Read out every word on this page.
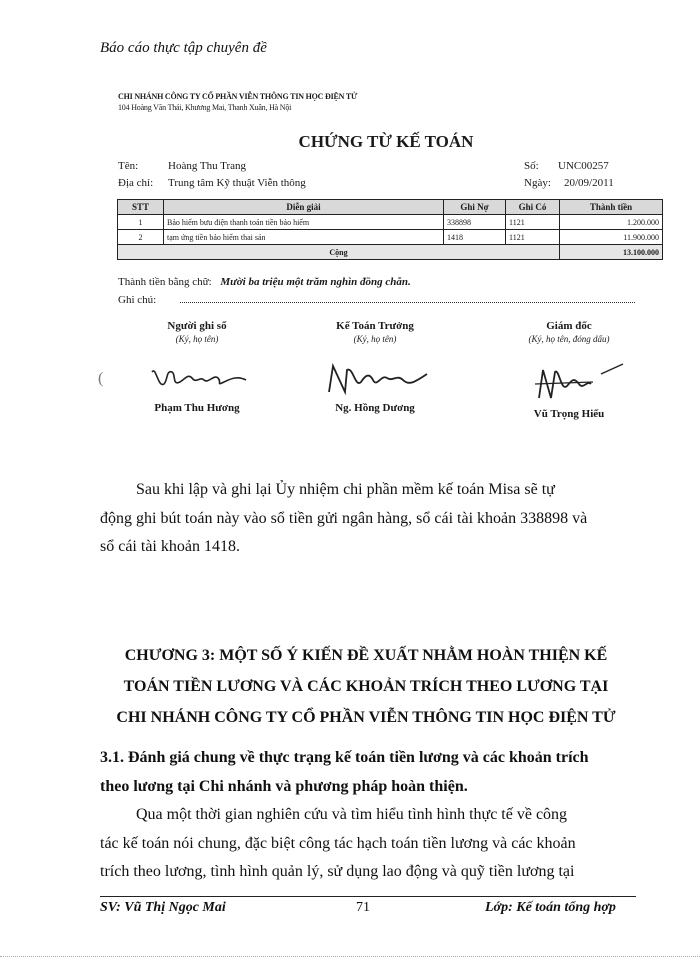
Báo cáo thực tập chuyên đề
CHI NHÁNH CÔNG TY CỔ PHẦN VIỄN THÔNG TIN HỌC ĐIỆN TỬ
104 Hoàng Văn Thái, Khương Mai, Thanh Xuân, Hà Nội
CHỨNG TỪ KẾ TOÁN
Tên:	Hoàng Thu Trang
Địa chỉ: Trung tâm Kỹ thuật Viễn thông
Số: UNC00257
Ngày: 20/09/2011
STT	Diễn giải	Ghi Nợ	Ghi Có	Thành tiền
1	Bảo hiểm bưu điện thanh toán tiền bảo hiểm	338898	1121	1.200.000
2	tạm ứng tiền bảo hiểm thai sản	1418	1121	11.900.000
Cộng				13.100.000
Thành tiền bằng chữ: Mười ba triệu một trăm nghìn đồng chẵn.
Ghi chú:
(
Người ghi sổ
(Ký, họ tên)
Phạm Thu Hương
Kế Toán Trưởng
(Ký, họ tên)
Ng. Hồng Dương
Giám đốc
(Ký, họ tên, đóng dấu)
Vũ Trọng Hiếu
Sau khi lập và ghi lại Ủy nhiệm chi phần mềm kế toán Misa sẽ tự
động ghi bút toán này vào sổ tiền gửi ngân hàng, sổ cái tài khoản 338898 và
sổ cái tài khoản 1418.
CHƯƠNG 3: MỘT SỐ Ý KIẾN ĐỀ XUẤT NHẰM HOÀN THIỆN KẾ
TOÁN TIỀN LƯƠNG VÀ CÁC KHOẢN TRÍCH THEO LƯƠNG TẠI
CHI NHÁNH CÔNG TY CỔ PHẦN VIỄN THÔNG TIN HỌC ĐIỆN TỬ
3.1. Đánh giá chung về thực trạng kế toán tiền lương và các khoản trích
theo lương tại Chi nhánh và phương pháp hoàn thiện.
Qua một thời gian nghiên cứu và tìm hiểu tình hình thực tế về công
tác kế toán nói chung, đặc biệt công tác hạch toán tiền lương và các khoản
trích theo lương, tình hình quản lý, sử dụng lao động và quỹ tiền lương tại
SV: Vũ Thị Ngọc Mai	71	Lớp: Kế toán tổng hợp
